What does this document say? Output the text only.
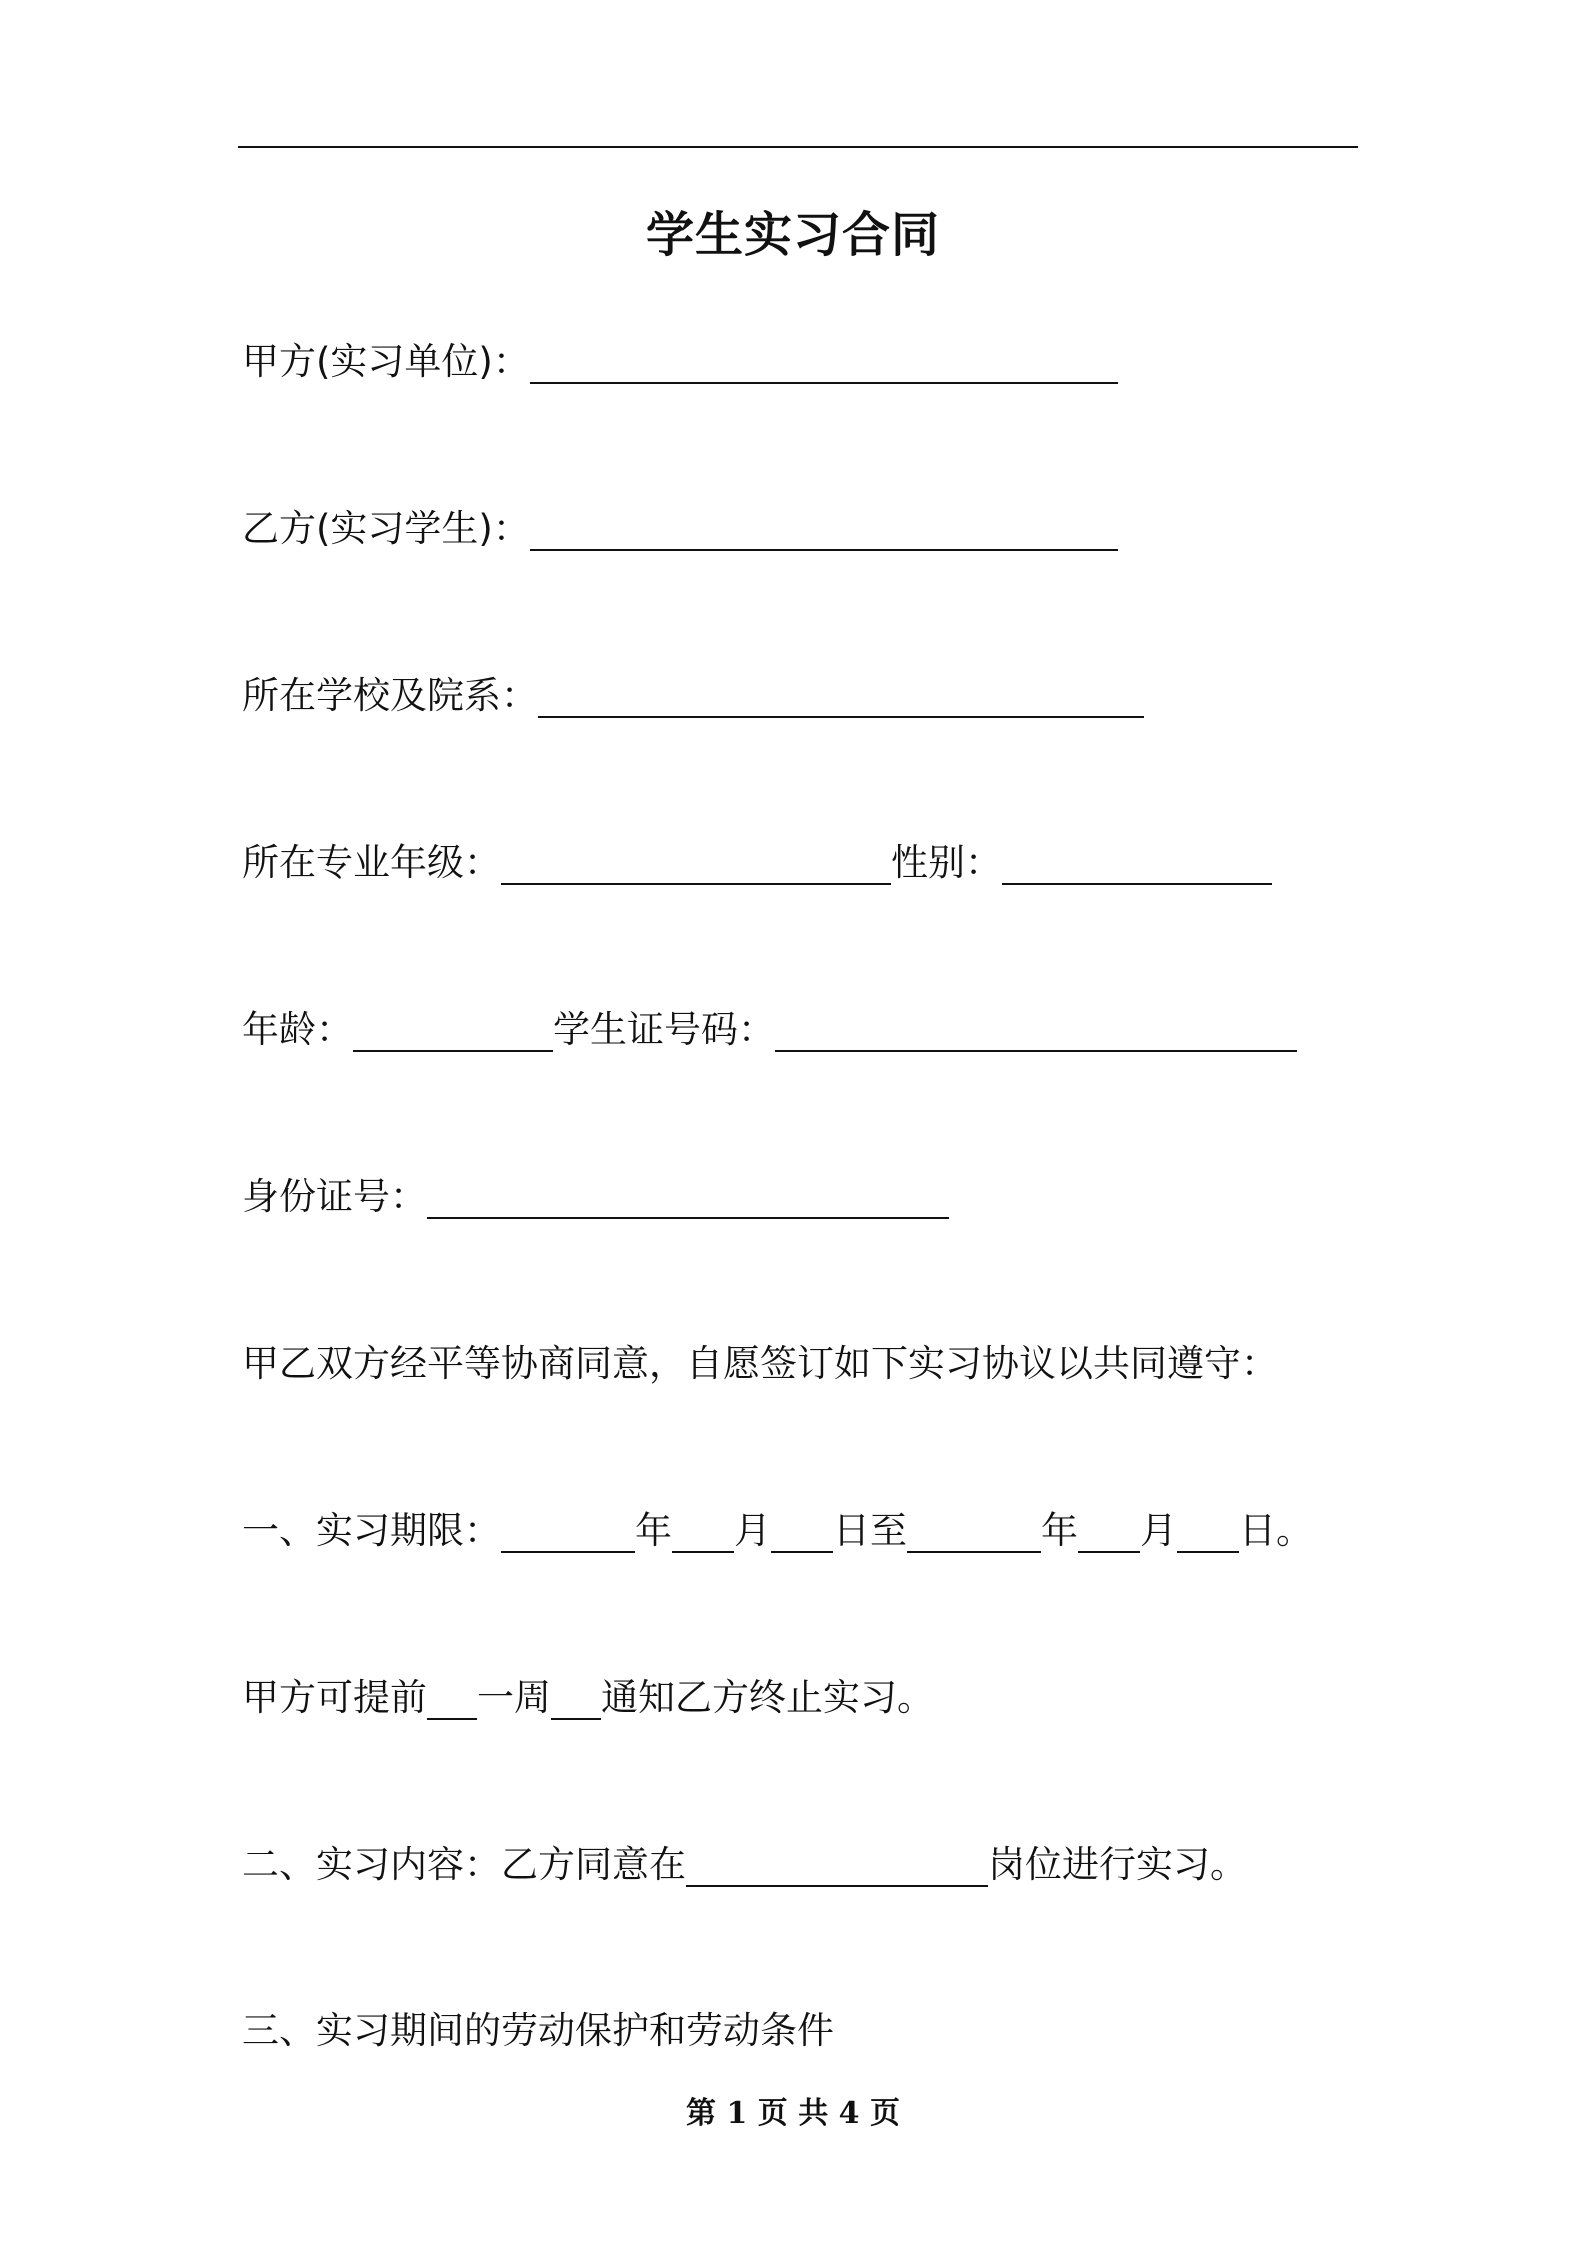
学生实习合同
甲方(实习单位)：
乙方(实习学生)：
所在学校及院系：
所在专业年级：	性别：
年龄：	学生证号码：
身份证号：
甲乙双方经平等协商同意，自愿签订如下实习协议以共同遵守：
一、实习期限：	年 月 日至	年 月 日。
甲方可提前 一周 通知乙方终止实习。
二、实习内容：乙方同意在	岗位进行实习。
三、实习期间的劳动保护和劳动条件
第 1 页 共 4 页
